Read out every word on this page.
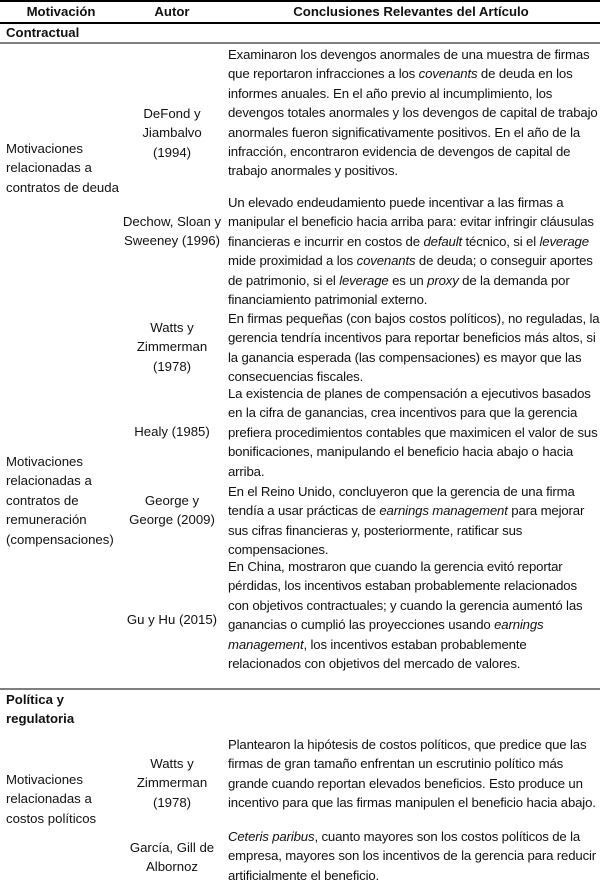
Motivación	Autor	Conclusiones Relevantes del Artículo
Contractual
Motivaciones relacionadas a contratos de deuda
DeFond y Jiambalvo (1994)
Examinaron los devengos anormales de una muestra de firmas que reportaron infracciones a los covenants de deuda en los informes anuales. En el año previo al incumplimiento, los devengos totales anormales y los devengos de capital de trabajo anormales fueron significativamente positivos. En el año de la infracción, encontraron evidencia de devengos de capital de trabajo anormales y positivos.
Dechow, Sloan y Sweeney (1996)
Un elevado endeudamiento puede incentivar a las firmas a manipular el beneficio hacia arriba para: evitar infringir cláusulas financieras e incurrir en costos de default técnico, si el leverage mide proximidad a los covenants de deuda; o conseguir aportes de patrimonio, si el leverage es un proxy de la demanda por financiamiento patrimonial externo.
Watts y Zimmerman (1978)
En firmas pequeñas (con bajos costos políticos), no reguladas, la gerencia tendría incentivos para reportar beneficios más altos, si la ganancia esperada (las compensaciones) es mayor que las consecuencias fiscales.
Motivaciones relacionadas a contratos de remuneración (compensaciones)
Healy (1985)
La existencia de planes de compensación a ejecutivos basados en la cifra de ganancias, crea incentivos para que la gerencia prefiera procedimientos contables que maximicen el valor de sus bonificaciones, manipulando el beneficio hacia abajo o hacia arriba.
George y George (2009)
En el Reino Unido, concluyeron que la gerencia de una firma tendía a usar prácticas de earnings management para mejorar sus cifras financieras y, posteriormente, ratificar sus compensaciones.
Gu y Hu (2015)
En China, mostraron que cuando la gerencia evitó reportar pérdidas, los incentivos estaban probablemente relacionados con objetivos contractuales; y cuando la gerencia aumentó las ganancias o cumplió las proyecciones usando earnings management, los incentivos estaban probablemente relacionados con objetivos del mercado de valores.
Política y regulatoria
Motivaciones relacionadas a costos políticos
Watts y Zimmerman (1978)
Plantearon la hipótesis de costos políticos, que predice que las firmas de gran tamaño enfrentan un escrutinio político más grande cuando reportan elevados beneficios. Esto produce un incentivo para que las firmas manipulen el beneficio hacia abajo.
García, Gill de Albornoz
Ceteris paribus, cuanto mayores son los costos políticos de la empresa, mayores son los incentivos de la gerencia para reducir artificialmente el beneficio.
